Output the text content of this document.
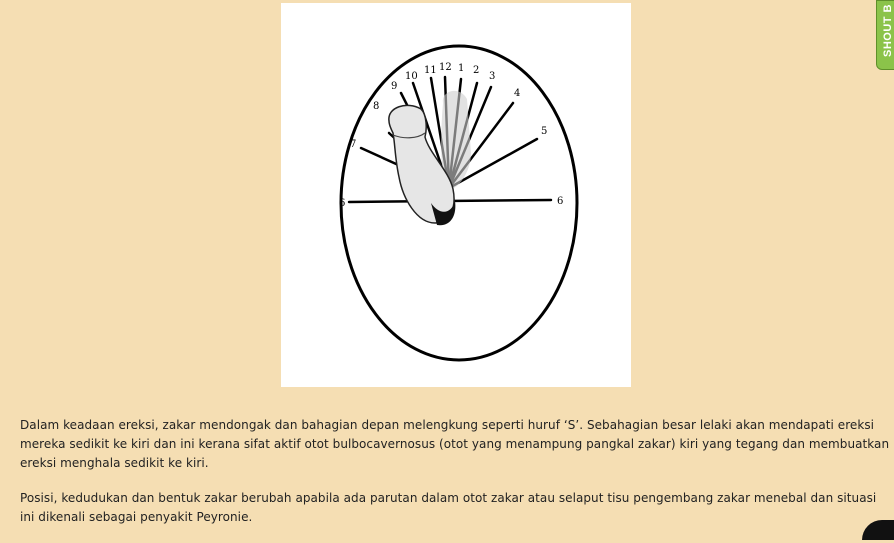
6	6
7
8
9
10
11 12 1 2
3
4
5

Dalam keadaan ereksi, zakar mendongak dan bahagian depan melengkung seperti huruf ‘S’. Sebahagian besar lelaki akan mendapati ereksi mereka sedikit ke kiri dan ini kerana sifat aktif otot bulbocavernosus (otot yang menampung pangkal zakar) kiri yang tegang dan membuatkan ereksi menghala sedikit ke kiri.

Posisi, kedudukan dan bentuk zakar berubah apabila ada parutan dalam otot zakar atau selaput tisu pengembang zakar menebal dan situasi ini dikenali sebagai penyakit Peyronie.

SHOUT B
